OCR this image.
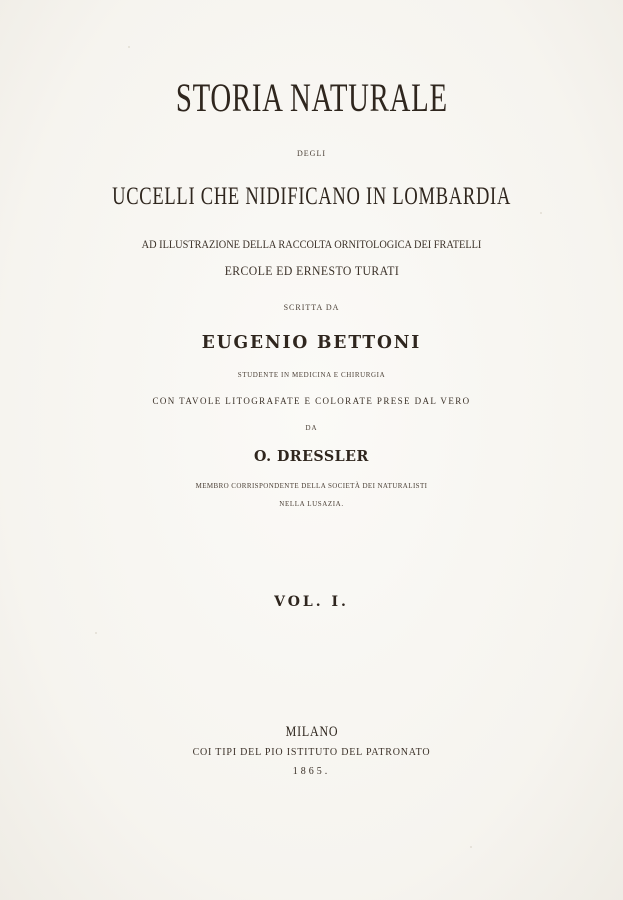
STORIA NATURALE
DEGLI
UCCELLI CHE NIDIFICANO IN LOMBARDIA
AD ILLUSTRAZIONE DELLA RACCOLTA ORNITOLOGICA DEI FRATELLI
ERCOLE ED ERNESTO TURATI
SCRITTA DA
EUGENIO BETTONI
STUDENTE IN MEDICINA E CHIRURGIA
CON TAVOLE LITOGRAFATE E COLORATE PRESE DAL VERO
DA
O. DRESSLER
MEMBRO CORRISPONDENTE DELLA SOCIETÀ DEI NATURALISTI
NELLA LUSAZIA.
VOL. I.
MILANO
COI TIPI DEL PIO ISTITUTO DEL PATRONATO
1865.
